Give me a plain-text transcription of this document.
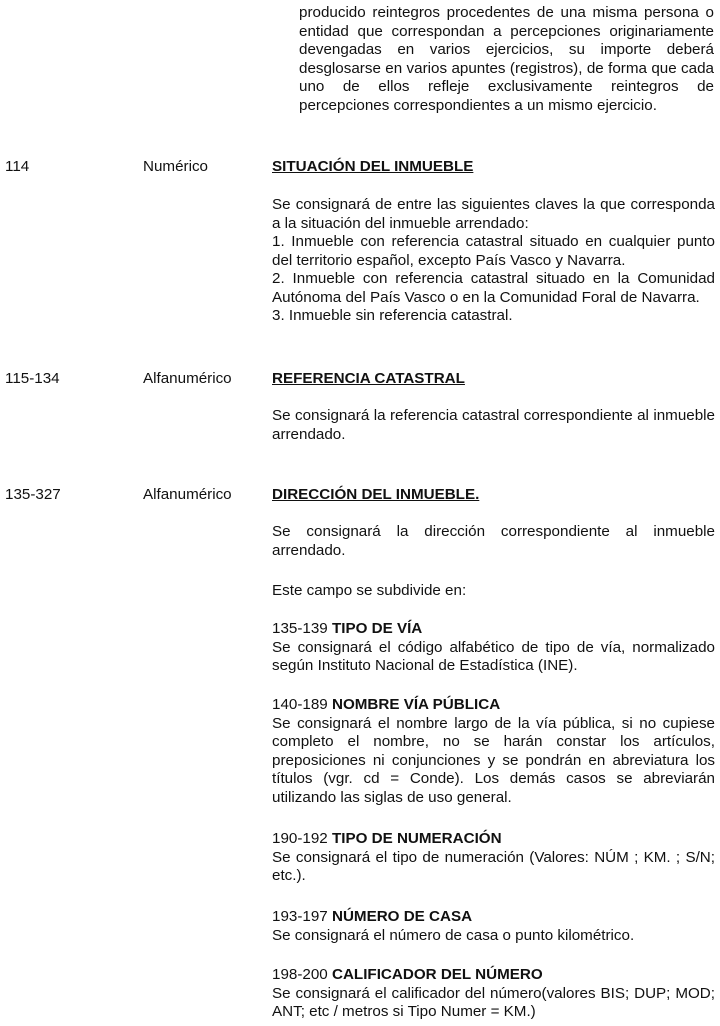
producido reintegros procedentes de una misma persona o entidad que correspondan a percepciones originariamente devengadas en varios ejercicios, su importe deberá desglosarse en varios apuntes (registros), de forma que cada uno de ellos refleje exclusivamente reintegros de percepciones correspondientes a un mismo ejercicio.
114	Numérico	SITUACIÓN DEL INMUEBLE
Se consignará de entre las siguientes claves la que corresponda a la situación del inmueble arrendado:
1. Inmueble con referencia catastral situado en cualquier punto del territorio español, excepto País Vasco y Navarra.
2. Inmueble con referencia catastral situado en la Comunidad Autónoma del País Vasco o en la Comunidad Foral de Navarra.
3. Inmueble sin referencia catastral.
115-134	Alfanumérico	REFERENCIA CATASTRAL
Se consignará la referencia catastral correspondiente al inmueble arrendado.
135-327	Alfanumérico	DIRECCIÓN DEL INMUEBLE.
Se consignará la dirección correspondiente al inmueble arrendado.
Este campo se subdivide en:
135-139 TIPO DE VÍA
Se consignará el código alfabético de tipo de vía, normalizado según Instituto Nacional de Estadística (INE).
140-189 NOMBRE VÍA PÚBLICA
Se consignará el nombre largo de la vía pública, si no cupiese completo el nombre, no se harán constar los artículos, preposiciones ni conjunciones y se pondrán en abreviatura los títulos (vgr. cd = Conde). Los demás casos se abreviarán utilizando las siglas de uso general.
190-192 TIPO DE NUMERACIÓN
Se consignará el tipo de numeración (Valores: NÚM ; KM. ; S/N; etc.).
193-197 NÚMERO DE CASA
Se consignará el número de casa o punto kilométrico.
198-200 CALIFICADOR DEL NÚMERO
Se consignará el calificador del número(valores BIS; DUP; MOD; ANT; etc / metros si Tipo Numer = KM.)
